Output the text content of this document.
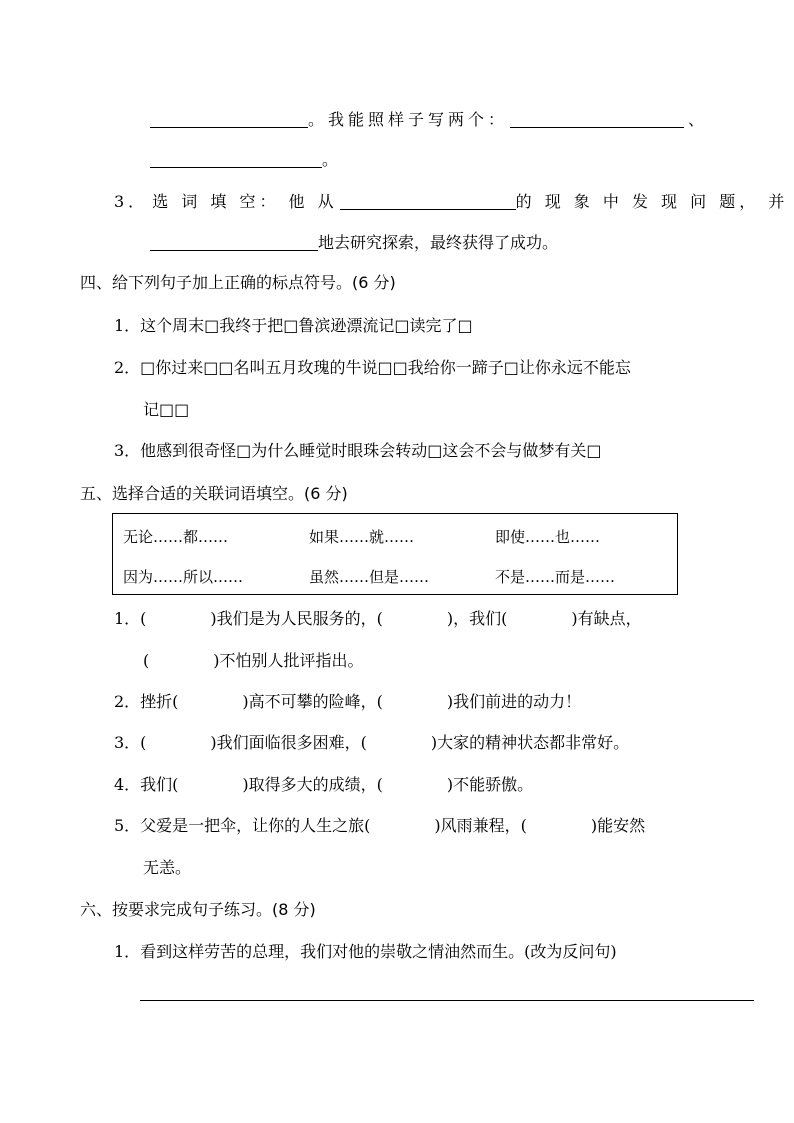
。我能照样子写两个：	、
。
3． 选 词 填 空： 他 从	的 现 象 中 发 现 问 题， 并
地去研究探索，最终获得了成功。
四、给下列句子加上正确的标点符号。(6 分)
1．这个周末□我终于把□鲁滨逊漂流记□读完了□
2．□你过来□□名叫五月玫瑰的牛说□□我给你一蹄子□让你永远不能忘
记□□
3．他感到很奇怪□为什么睡觉时眼珠会转动□这会不会与做梦有关□
五、选择合适的关联词语填空。(6 分)
无论……都……	如果……就……	即使……也……
因为……所以……	虽然……但是……	不是……而是……
1．(　　　　)我们是为人民服务的，(　　　　)，我们(　　　　)有缺点，
(　　　　)不怕别人批评指出。
2．挫折(　　　　)高不可攀的险峰，(　　　　)我们前进的动力！
3．(　　　　)我们面临很多困难，(　　　　)大家的精神状态都非常好。
4．我们(　　　　)取得多大的成绩，(　　　　)不能骄傲。
5．父爱是一把伞，让你的人生之旅(　　　　)风雨兼程，(　　　　)能安然
无恙。
六、按要求完成句子练习。(8 分)
1．看到这样劳苦的总理，我们对他的崇敬之情油然而生。(改为反问句)
